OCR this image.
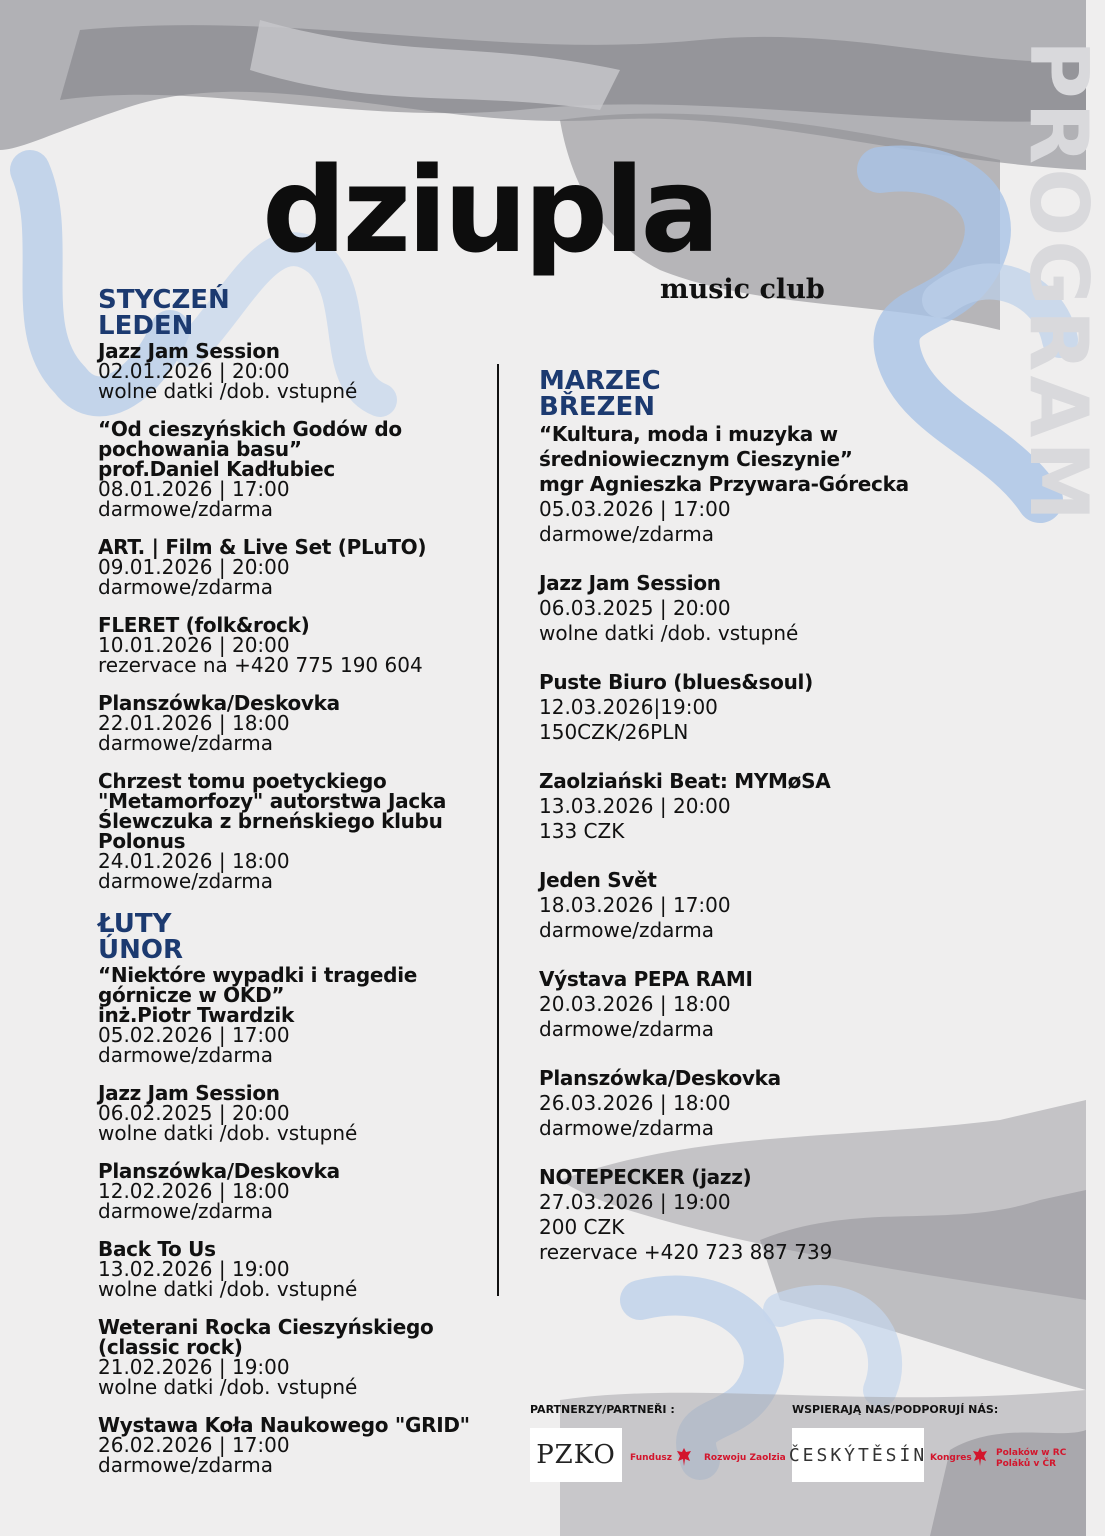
PROGRAM
dziupla
music club
STYCZEŃ
LEDEN
Jazz Jam Session
02.01.2026 | 20:00
wolne datki /dob. vstupné
“Od cieszyńskich Godów do
pochowania basu”
prof.Daniel Kadłubiec
08.01.2026 | 17:00
darmowe/zdarma
ART. | Film & Live Set (PLuTO)
09.01.2026 | 20:00
darmowe/zdarma
FLERET (folk&rock)
10.01.2026 | 20:00
rezervace na +420 775 190 604
Planszówka/Deskovka
22.01.2026 | 18:00
darmowe/zdarma
Chrzest tomu poetyckiego
"Metamorfozy" autorstwa Jacka
Ślewczuka z brneńskiego klubu
Polonus
24.01.2026 | 18:00
darmowe/zdarma
ŁUTY
ÚNOR
“Niektóre wypadki i tragedie
górnicze w OKD”
inż.Piotr Twardzik
05.02.2026 | 17:00
darmowe/zdarma
Jazz Jam Session
06.02.2025 | 20:00
wolne datki /dob. vstupné
Planszówka/Deskovka
12.02.2026 | 18:00
darmowe/zdarma
Back To Us
13.02.2026 | 19:00
wolne datki /dob. vstupné
Weterani Rocka Cieszyńskiego
(classic rock)
21.02.2026 | 19:00
wolne datki /dob. vstupné
Wystawa Koła Naukowego "GRID"
26.02.2026 | 17:00
darmowe/zdarma
MARZEC
BŘEZEN
“Kultura, moda i muzyka w
średniowiecznym Cieszynie”
mgr Agnieszka Przywara-Górecka
05.03.2026 | 17:00
darmowe/zdarma
Jazz Jam Session
06.03.2025 | 20:00
wolne datki /dob. vstupné
Puste Biuro (blues&soul)
12.03.2026|19:00
150CZK/26PLN
Zaolziański Beat: MYMøSA
13.03.2026 | 20:00
133 CZK
Jeden Svět
18.03.2026 | 17:00
darmowe/zdarma
Výstava PEPA RAMI
20.03.2026 | 18:00
darmowe/zdarma
Planszówka/Deskovka
26.03.2026 | 18:00
darmowe/zdarma
NOTEPECKER (jazz)
27.03.2026 | 19:00
200 CZK
rezervace +420 723 887 739
PARTNERZY/PARTNEŘI :	WSPIERAJĄ NAS/PODPORUJÍ NÁS:
PZKO Fundusz	Rozwoju Zaolzia ČESKÝTĚSÍN Kongres	Polaków w RC
Poláků v ČR
